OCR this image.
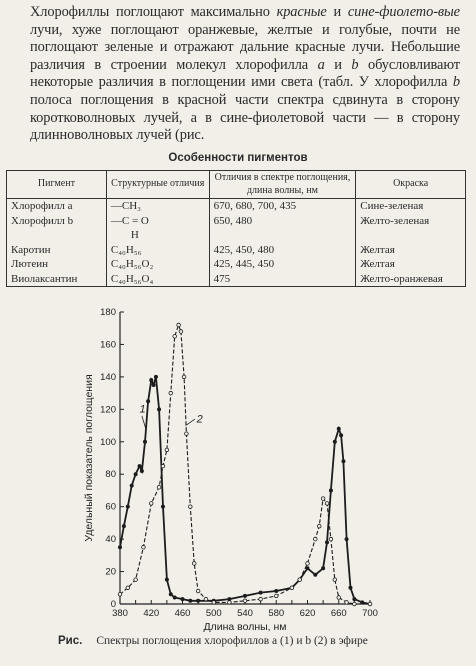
Хлорофиллы поглощают максимально красные и сине-фиолето-вые лучи, хуже поглощают оранжевые, желтые и голубые, почти не поглощают зеленые и отражают дальние красные лучи. Небольшие различия в строении молекул хлорофилла a и b обусловливают некоторые различия в поглощении ими света (табл. У хлорофилла b полоса поглощения в красной части спектра сдвинута в сторону коротковолновых лучей, а в сине-фиолетовой части — в сторону длинноволновых лучей (рис.

Особенности пигментов
Пигмент	Структурные отличия	Отличия в спектре поглощения, длина волны, нм	Окраска
Хлорофилл a	—CH₃	670, 680, 700, 435	Сине-зеленая
Хлорофилл b	—C = O	650, 480	Желто-зеленая
	H		
Каротин	C₄₀H₅₆	425, 450, 480	Желтая
Лютеин	C₄₀H₅₆O₂	425, 445, 450	Желтая
Виолаксантин	C₄₀H₅₆O₄	475	Желто-оранжевая
380 420 460 500 540 580 620 660 700
0
20
40
60
80
100
120
140
160
180
Длина волны, нм
Удельный показатель поглощения	1
2
Рис. Спектры поглощения хлорофиллов a (1) и b (2) в эфире
